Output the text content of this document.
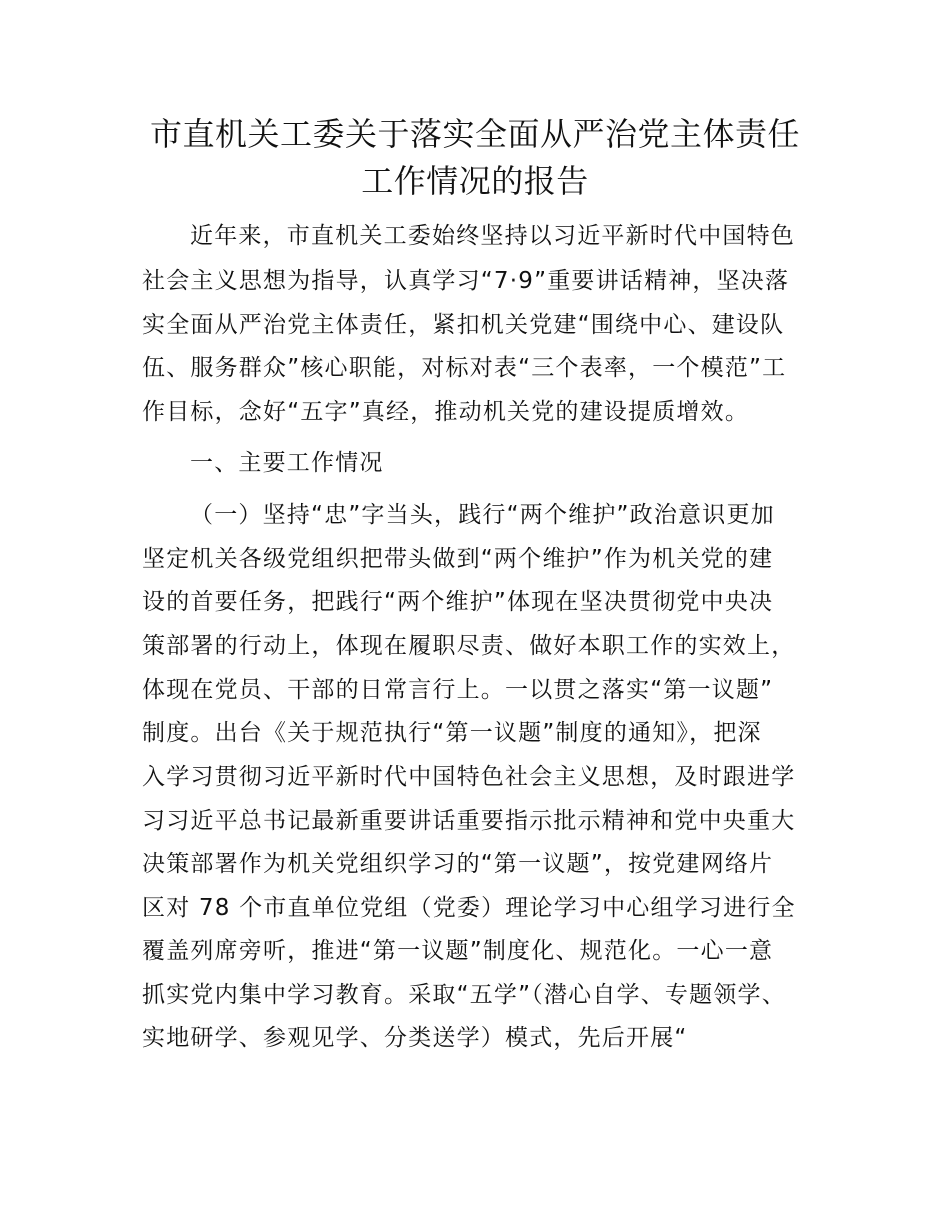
市直机关工委关于落实全面从严治党主体责任
工作情况的报告
近年来，市直机关工委始终坚持以习近平新时代中国特色
社会主义思想为指导，认真学习“7·9”重要讲话精神，坚决落
实全面从严治党主体责任，紧扣机关党建“围绕中心、建设队
伍、服务群众”核心职能，对标对表“三个表率，一个模范”工
作目标，念好“五字”真经，推动机关党的建设提质增效。
一、主要工作情况
（一）坚持“忠”字当头，践行“两个维护”政治意识更加
坚定机关各级党组织把带头做到“两个维护”作为机关党的建
设的首要任务，把践行“两个维护”体现在坚决贯彻党中央决
策部署的行动上，体现在履职尽责、做好本职工作的实效上，
体现在党员、干部的日常言行上。一以贯之落实“第一议题”
制度。出台《关于规范执行“第一议题”制度的通知》，把深
入学习贯彻习近平新时代中国特色社会主义思想，及时跟进学
习习近平总书记最新重要讲话重要指示批示精神和党中央重大
决策部署作为机关党组织学习的“第一议题”，按党建网络片
区对 78 个市直单位党组（党委）理论学习中心组学习进行全
覆盖列席旁听，推进“第一议题”制度化、规范化。一心一意
抓实党内集中学习教育。采取“五学”（潜心自学、专题领学、
实地研学、参观见学、分类送学）模式，先后开展“
